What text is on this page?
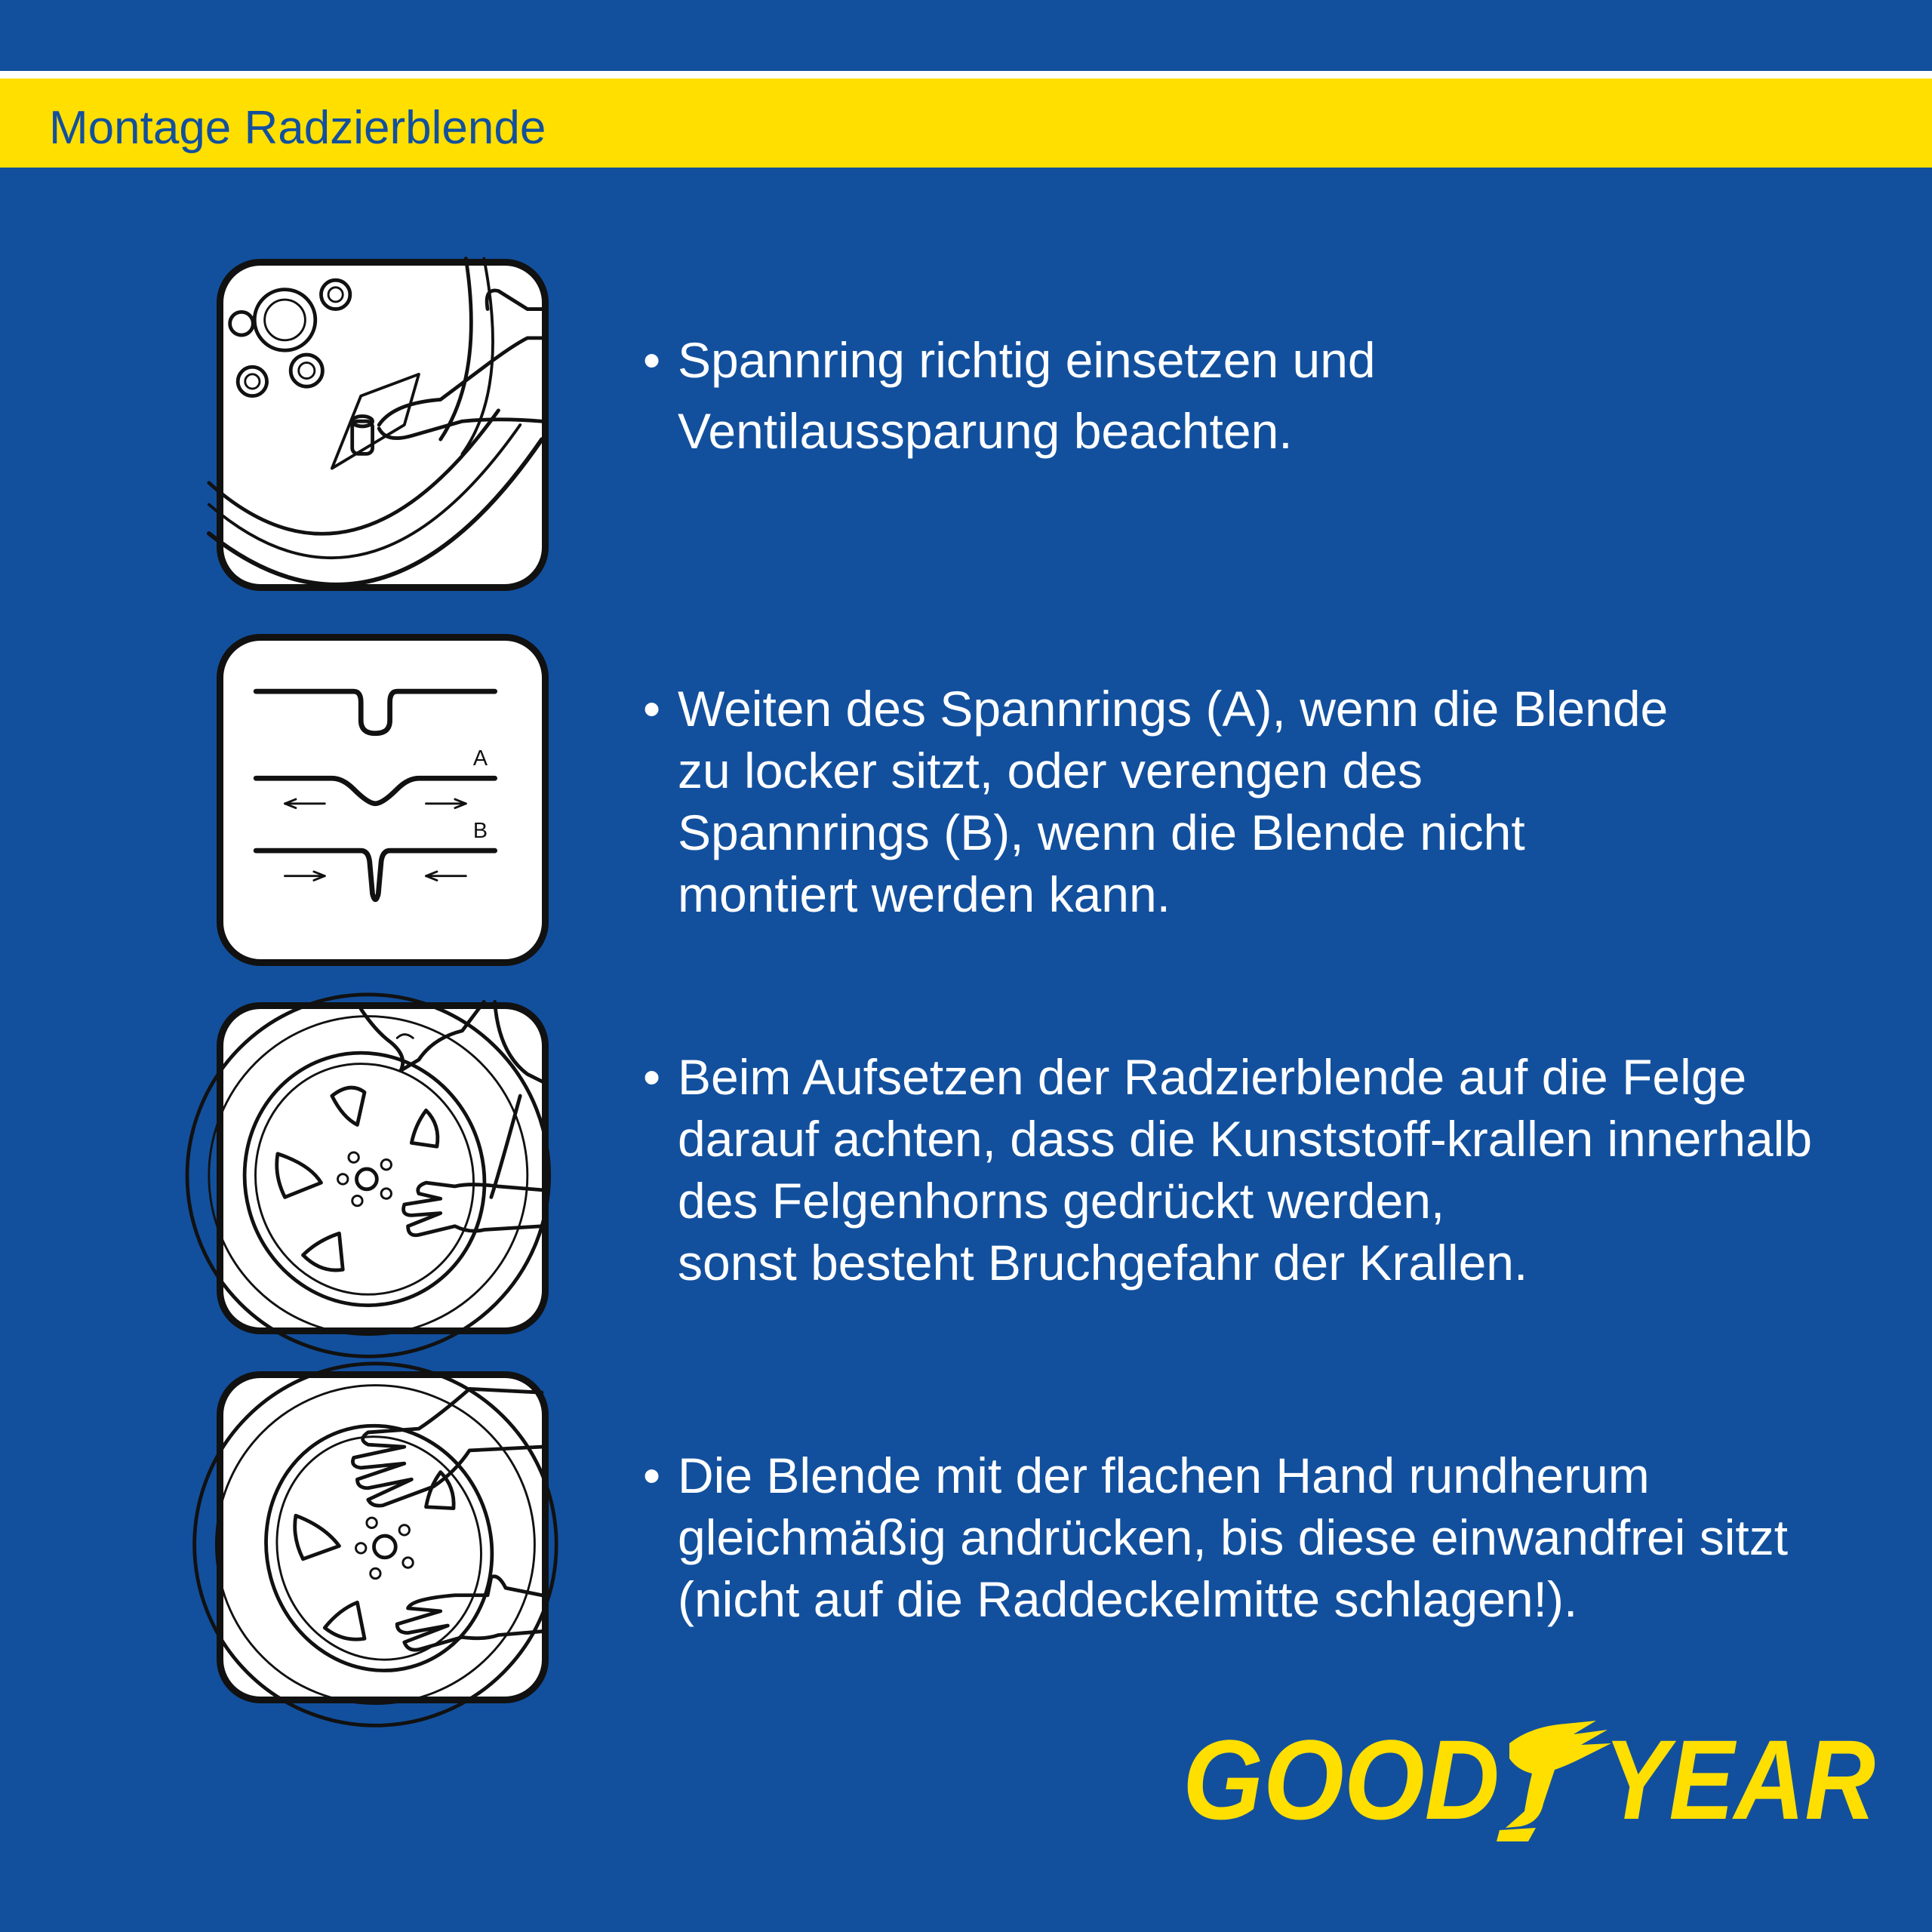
Montage Radzierblende
A
B
• Spannring richtig einsetzen und
Ventilaussparung beachten.
• Weiten des Spannrings (A), wenn die Blende
zu locker sitzt, oder verengen des
Spannrings (B), wenn die Blende nicht
montiert werden kann.
• Beim Aufsetzen der Radzierblende auf die Felge
darauf achten, dass die Kunststoff-krallen innerhalb
des Felgenhorns gedrückt werden,
sonst besteht Bruchgefahr der Krallen.
• Die Blende mit der flachen Hand rundherum
gleichmäßig andrücken, bis diese einwandfrei sitzt
(nicht auf die Raddeckelmitte schlagen!).
GOOD YEAR
